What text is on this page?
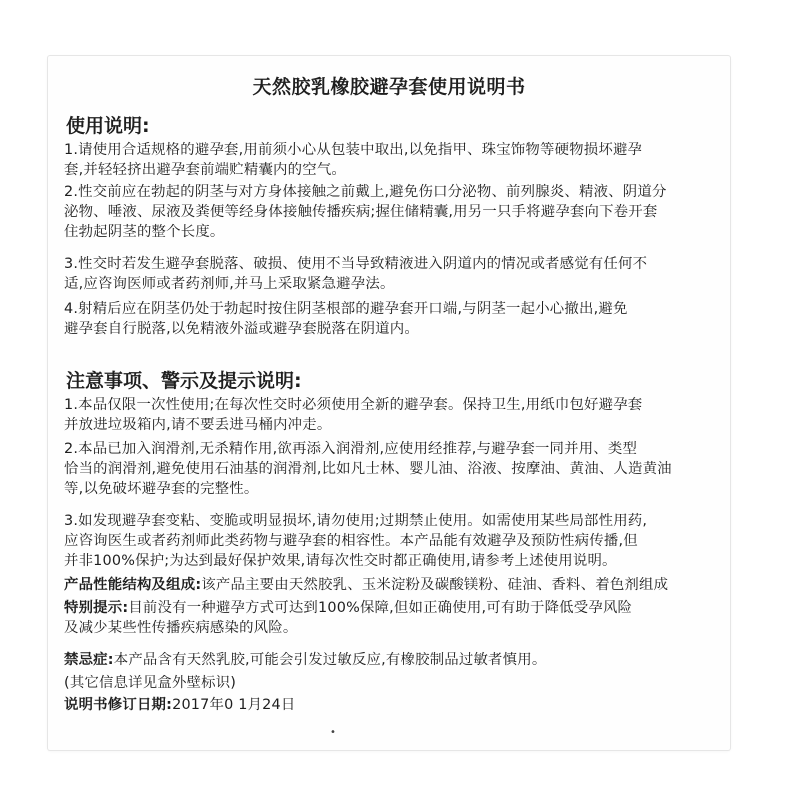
天然胶乳橡胶避孕套使用说明书
使用说明:
1.请使用合适规格的避孕套,用前须小心从包装中取出,以免指甲、珠宝饰物等硬物损坏避孕
套,并轻轻挤出避孕套前端贮精囊内的空气。
2.性交前应在勃起的阴茎与对方身体接触之前戴上,避免伤口分泌物、前列腺炎、精液、阴道分
泌物、唾液、尿液及粪便等经身体接触传播疾病;握住储精囊,用另一只手将避孕套向下卷开套
住勃起阴茎的整个长度。
3.性交时若发生避孕套脱落、破损、使用不当导致精液进入阴道内的情况或者感觉有任何不
适,应咨询医师或者药剂师,并马上采取紧急避孕法。
4.射精后应在阴茎仍处于勃起时按住阴茎根部的避孕套开口端,与阴茎一起小心撤出,避免
避孕套自行脱落,以免精液外溢或避孕套脱落在阴道内。
注意事项、警示及提示说明:
1.本品仅限一次性使用;在每次性交时必须使用全新的避孕套。保持卫生,用纸巾包好避孕套
并放进垃圾箱内,请不要丢进马桶内冲走。
2.本品已加入润滑剂,无杀精作用,欲再添入润滑剂,应使用经推荐,与避孕套一同并用、类型
恰当的润滑剂,避免使用石油基的润滑剂,比如凡士林、婴儿油、浴液、按摩油、黄油、人造黄油
等,以免破坏避孕套的完整性。
3.如发现避孕套变粘、变脆或明显损坏,请勿使用;过期禁止使用。如需使用某些局部性用药,
应咨询医生或者药剂师此类药物与避孕套的相容性。本产品能有效避孕及预防性病传播,但
并非100%保护;为达到最好保护效果,请每次性交时都正确使用,请参考上述使用说明。
产品性能结构及组成:该产品主要由天然胶乳、玉米淀粉及碳酸镁粉、硅油、香料、着色剂组成
特别提示:目前没有一种避孕方式可达到100%保障,但如正确使用,可有助于降低受孕风险
及减少某些性传播疾病感染的风险。
禁忌症:本产品含有天然乳胶,可能会引发过敏反应,有橡胶制品过敏者慎用。
(其它信息详见盒外壁标识)
•
说明书修订日期:2017年0 1月24日
